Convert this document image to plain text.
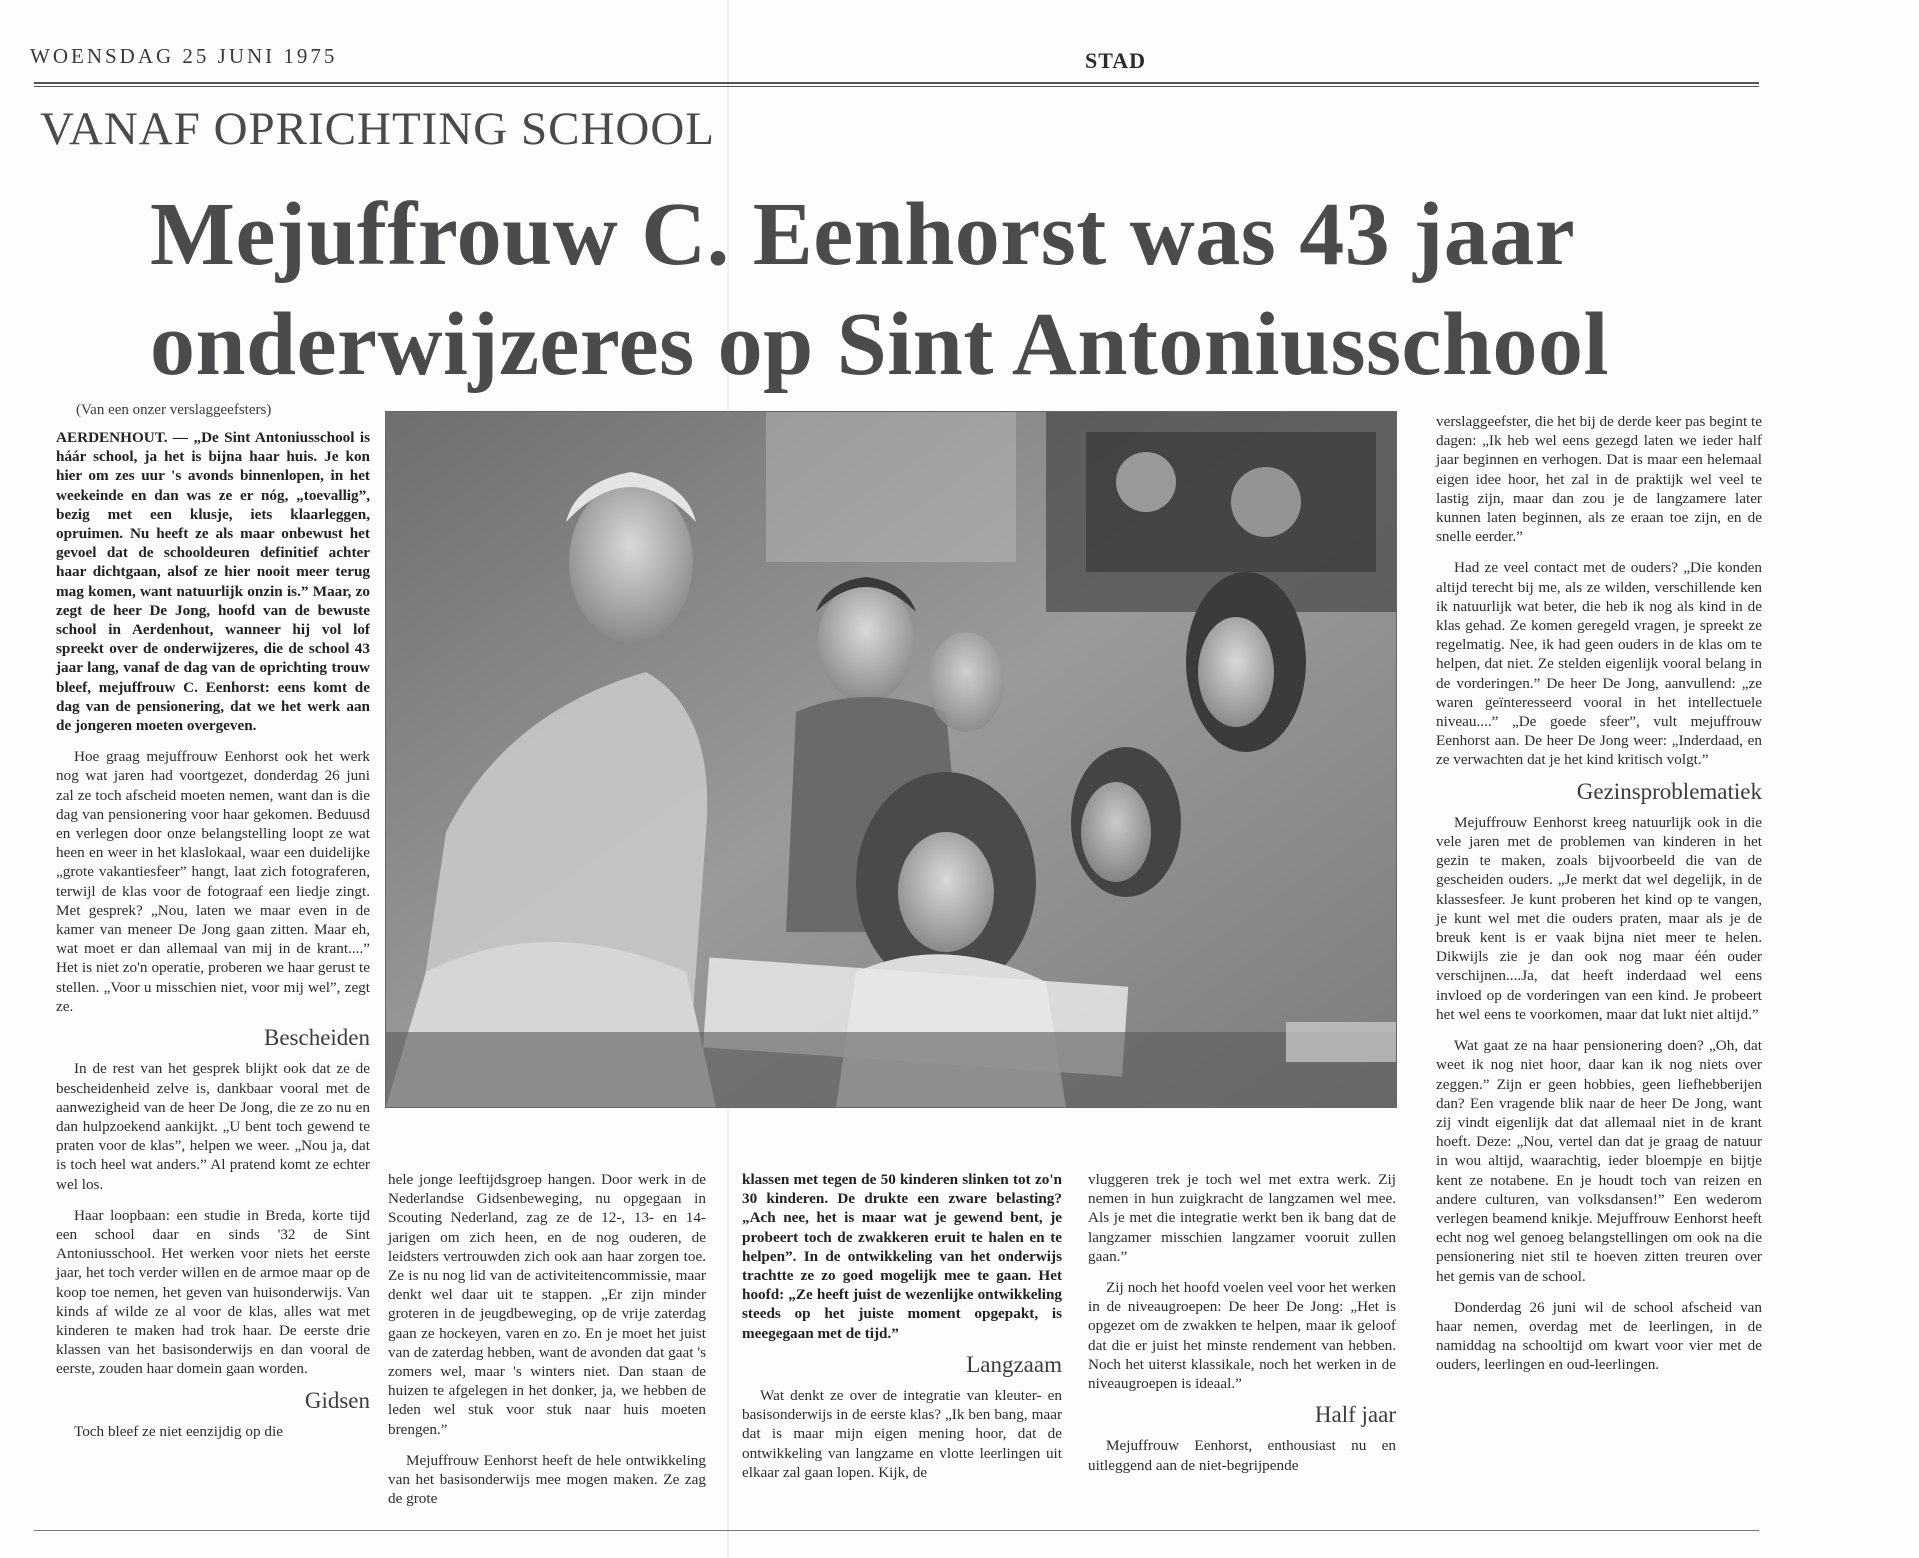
WOENSDAG 25 JUNI 1975	STAD
VANAF OPRICHTING SCHOOL
Mejuffrouw C. Eenhorst was 43 jaar
onderwijzeres op Sint Antoniusschool
(Van een onzer verslaggeefsters)

AERDENHOUT. — „De Sint Antoniusschool is háár school, ja het is bijna haar huis. Je kon hier om zes uur 's avonds binnenlopen, in het weekeinde en dan was ze er nóg, „toevallig”, bezig met een klusje, iets klaarleggen, opruimen. Nu heeft ze als maar onbewust het gevoel dat de schooldeuren definitief achter haar dichtgaan, alsof ze hier nooit meer terug mag komen, want natuurlijk onzin is.” Maar, zo zegt de heer De Jong, hoofd van de bewuste school in Aerdenhout, wanneer hij vol lof spreekt over de onderwijzeres, die de school 43 jaar lang, vanaf de dag van de oprichting trouw bleef, mejuffrouw C. Eenhorst: eens komt de dag van de pensionering, dat we het werk aan de jongeren moeten overgeven.

Hoe graag mejuffrouw Eenhorst ook het werk nog wat jaren had voortgezet, donderdag 26 juni zal ze toch afscheid moeten nemen, want dan is die dag van pensionering voor haar gekomen. Beduusd en verlegen door onze belangstelling loopt ze wat heen en weer in het klaslokaal, waar een duidelijke „grote vakantiesfeer” hangt, laat zich fotograferen, terwijl de klas voor de fotograaf een liedje zingt. Met gesprek? „Nou, laten we maar even in de kamer van meneer De Jong gaan zitten. Maar eh, wat moet er dan allemaal van mij in de krant....” Het is niet zo'n operatie, proberen we haar gerust te stellen. „Voor u misschien niet, voor mij wel”, zegt ze.

Bescheiden

In de rest van het gesprek blijkt ook dat ze de bescheidenheid zelve is, dankbaar vooral met de aanwezigheid van de heer De Jong, die ze zo nu en dan hulpzoekend aankijkt. „U bent toch gewend te praten voor de klas”, helpen we weer. „Nou ja, dat is toch heel wat anders.” Al pratend komt ze echter wel los.

Haar loopbaan: een studie in Breda, korte tijd een school daar en sinds '32 de Sint Antoniusschool. Het werken voor niets het eerste jaar, het toch verder willen en de armoe maar op de koop toe nemen, het geven van huisonderwijs. Van kinds af wilde ze al voor de klas, alles wat met kinderen te maken had trok haar. De eerste drie klassen van het basisonderwijs en dan vooral de eerste, zouden haar domein gaan worden.

Gidsen

Toch bleef ze niet eenzijdig op die

hele jonge leeftijdsgroep hangen. Door werk in de Nederlandse Gidsenbeweging, nu opgegaan in Scouting Nederland, zag ze de 12-, 13- en 14-jarigen om zich heen, en de nog ouderen, de leidsters vertrouwden zich ook aan haar zorgen toe. Ze is nu nog lid van de activiteitencommissie, maar denkt wel daar uit te stappen. „Er zijn minder groteren in de jeugdbeweging, op de vrije zaterdag gaan ze hockeyen, varen en zo. En je moet het juist van de zaterdag hebben, want de avonden dat gaat 's zomers wel, maar 's winters niet. Dan staan de huizen te afgelegen in het donker, ja, we hebben de leden wel stuk voor stuk naar huis moeten brengen.”

Mejuffrouw Eenhorst heeft de hele ontwikkeling van het basisonderwijs mee mogen maken. Ze zag de grote

klassen met tegen de 50 kinderen slinken tot zo'n 30 kinderen. De drukte een zware belasting? „Ach nee, het is maar wat je gewend bent, je probeert toch de zwakkeren eruit te halen en te helpen”. In de ontwikkeling van het onderwijs trachtte ze zo goed mogelijk mee te gaan. Het hoofd: „Ze heeft juist de wezenlijke ontwikkeling steeds op het juiste moment opgepakt, is meegegaan met de tijd.”

Langzaam

Wat denkt ze over de integratie van kleuter- en basisonderwijs in de eerste klas? „Ik ben bang, maar dat is maar mijn eigen mening hoor, dat de ontwikkeling van langzame en vlotte leerlingen uit elkaar zal gaan lopen. Kijk, de

vluggeren trek je toch wel met extra werk. Zij nemen in hun zuigkracht de langzamen wel mee. Als je met die integratie werkt ben ik bang dat de langzamer misschien langzamer vooruit zullen gaan.”

Zij noch het hoofd voelen veel voor het werken in de niveaugroepen: De heer De Jong: „Het is opgezet om de zwakken te helpen, maar ik geloof dat die er juist het minste rendement van hebben. Noch het uiterst klassikale, noch het werken in de niveaugroepen is ideaal.”

Half jaar

Mejuffrouw Eenhorst, enthousiast nu en uitleggend aan de niet-begrijpende

verslaggeefster, die het bij de derde keer pas begint te dagen: „Ik heb wel eens gezegd laten we ieder half jaar beginnen en verhogen. Dat is maar een helemaal eigen idee hoor, het zal in de praktijk wel veel te lastig zijn, maar dan zou je de langzamere later kunnen laten beginnen, als ze eraan toe zijn, en de snelle eerder.”

Had ze veel contact met de ouders? „Die konden altijd terecht bij me, als ze wilden, verschillende ken ik natuurlijk wat beter, die heb ik nog als kind in de klas gehad. Ze komen geregeld vragen, je spreekt ze regelmatig. Nee, ik had geen ouders in de klas om te helpen, dat niet. Ze stelden eigenlijk vooral belang in de vorderingen.” De heer De Jong, aanvullend: „ze waren geïnteresseerd vooral in het intellectuele niveau....” „De goede sfeer”, vult mejuffrouw Eenhorst aan. De heer De Jong weer: „Inderdaad, en ze verwachten dat je het kind kritisch volgt.”

Gezinsproblematiek

Mejuffrouw Eenhorst kreeg natuurlijk ook in die vele jaren met de problemen van kinderen in het gezin te maken, zoals bijvoorbeeld die van de gescheiden ouders. „Je merkt dat wel degelijk, in de klassesfeer. Je kunt proberen het kind op te vangen, je kunt wel met die ouders praten, maar als je de breuk kent is er vaak bijna niet meer te helen. Dikwijls zie je dan ook nog maar één ouder verschijnen....Ja, dat heeft inderdaad wel eens invloed op de vorderingen van een kind. Je probeert het wel eens te voorkomen, maar dat lukt niet altijd.”

Wat gaat ze na haar pensionering doen? „Oh, dat weet ik nog niet hoor, daar kan ik nog niets over zeggen.” Zijn er geen hobbies, geen liefhebberijen dan? Een vragende blik naar de heer De Jong, want zij vindt eigenlijk dat dat allemaal niet in de krant hoeft. Deze: „Nou, vertel dan dat je graag de natuur in wou altijd, waarachtig, ieder bloempje en bijtje kent ze notabene. En je houdt toch van reizen en andere culturen, van volksdansen!” Een wederom verlegen beamend knikje. Mejuffrouw Eenhorst heeft echt nog wel genoeg belangstellingen om ook na die pensionering niet stil te hoeven zitten treuren over het gemis van de school.

Donderdag 26 juni wil de school afscheid van haar nemen, overdag met de leerlingen, in de namiddag na schooltijd om kwart voor vier met de ouders, leerlingen en oud-leerlingen.
